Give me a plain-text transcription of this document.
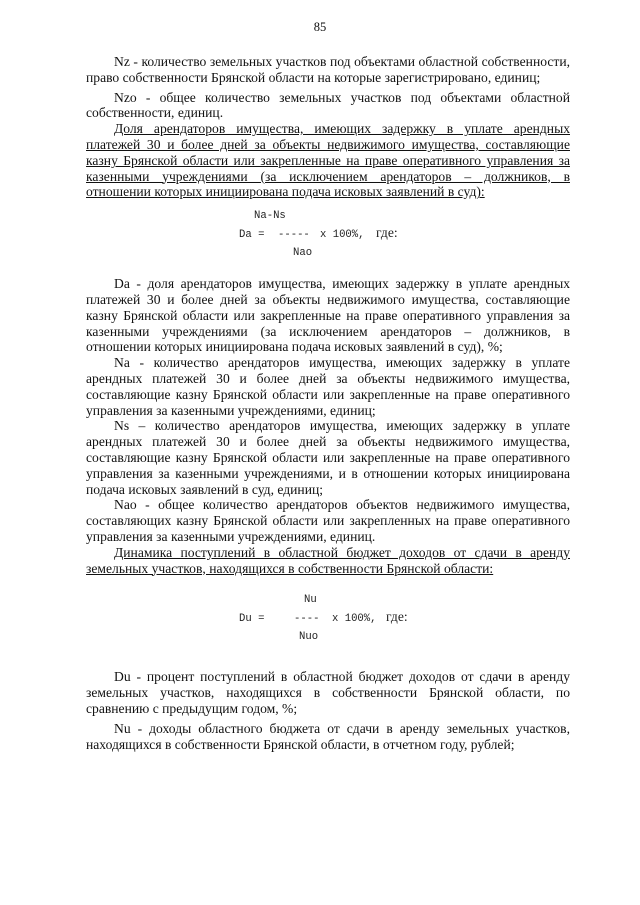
85

Nz - количество земельных участков под объектами областной собственности, право собственности Брянской области на которые зарегистрировано, единиц;

Nzo - общее количество земельных участков под объектами областной собственности, единиц.

Доля арендаторов имущества, имеющих задержку в уплате арендных платежей 30 и более дней за объекты недвижимого имущества, составляющие казну Брянской области или закрепленные на праве оперативного управления за казенными учреждениями (за исключением арендаторов – должников, в отношении которых инициирована подача исковых заявлений в суд):

Na-Ns
Da = ----- x 100%, где:
Nao

Da - доля арендаторов имущества, имеющих задержку в уплате арендных платежей 30 и более дней за объекты недвижимого имущества, составляющие казну Брянской области или закрепленные на праве оперативного управления за казенными учреждениями (за исключением арендаторов – должников, в отношении которых инициирована подача исковых заявлений в суд), %;

Na - количество арендаторов имущества, имеющих задержку в уплате арендных платежей 30 и более дней за объекты недвижимого имущества, составляющие казну Брянской области или закрепленные на праве оперативного управления за казенными учреждениями, единиц;

Ns – количество арендаторов имущества, имеющих задержку в уплате арендных платежей 30 и более дней за объекты недвижимого имущества, составляющие казну Брянской области или закрепленные на праве оперативного управления за казенными учреждениями, и в отношении которых инициирована подача исковых заявлений в суд, единиц;

Nao - общее количество арендаторов объектов недвижимого имущества, составляющих казну Брянской области или закрепленных на праве оперативного управления за казенными учреждениями, единиц.

Динамика поступлений в областной бюджет доходов от сдачи в аренду земельных участков, находящихся в собственности Брянской области:

Nu
Du =	---- x 100%, где:
Nuo

Du - процент поступлений в областной бюджет доходов от сдачи в аренду земельных участков, находящихся в собственности Брянской области, по сравнению с предыдущим годом, %;

Nu - доходы областного бюджета от сдачи в аренду земельных участков, находящихся в собственности Брянской области, в отчетном году, рублей;
